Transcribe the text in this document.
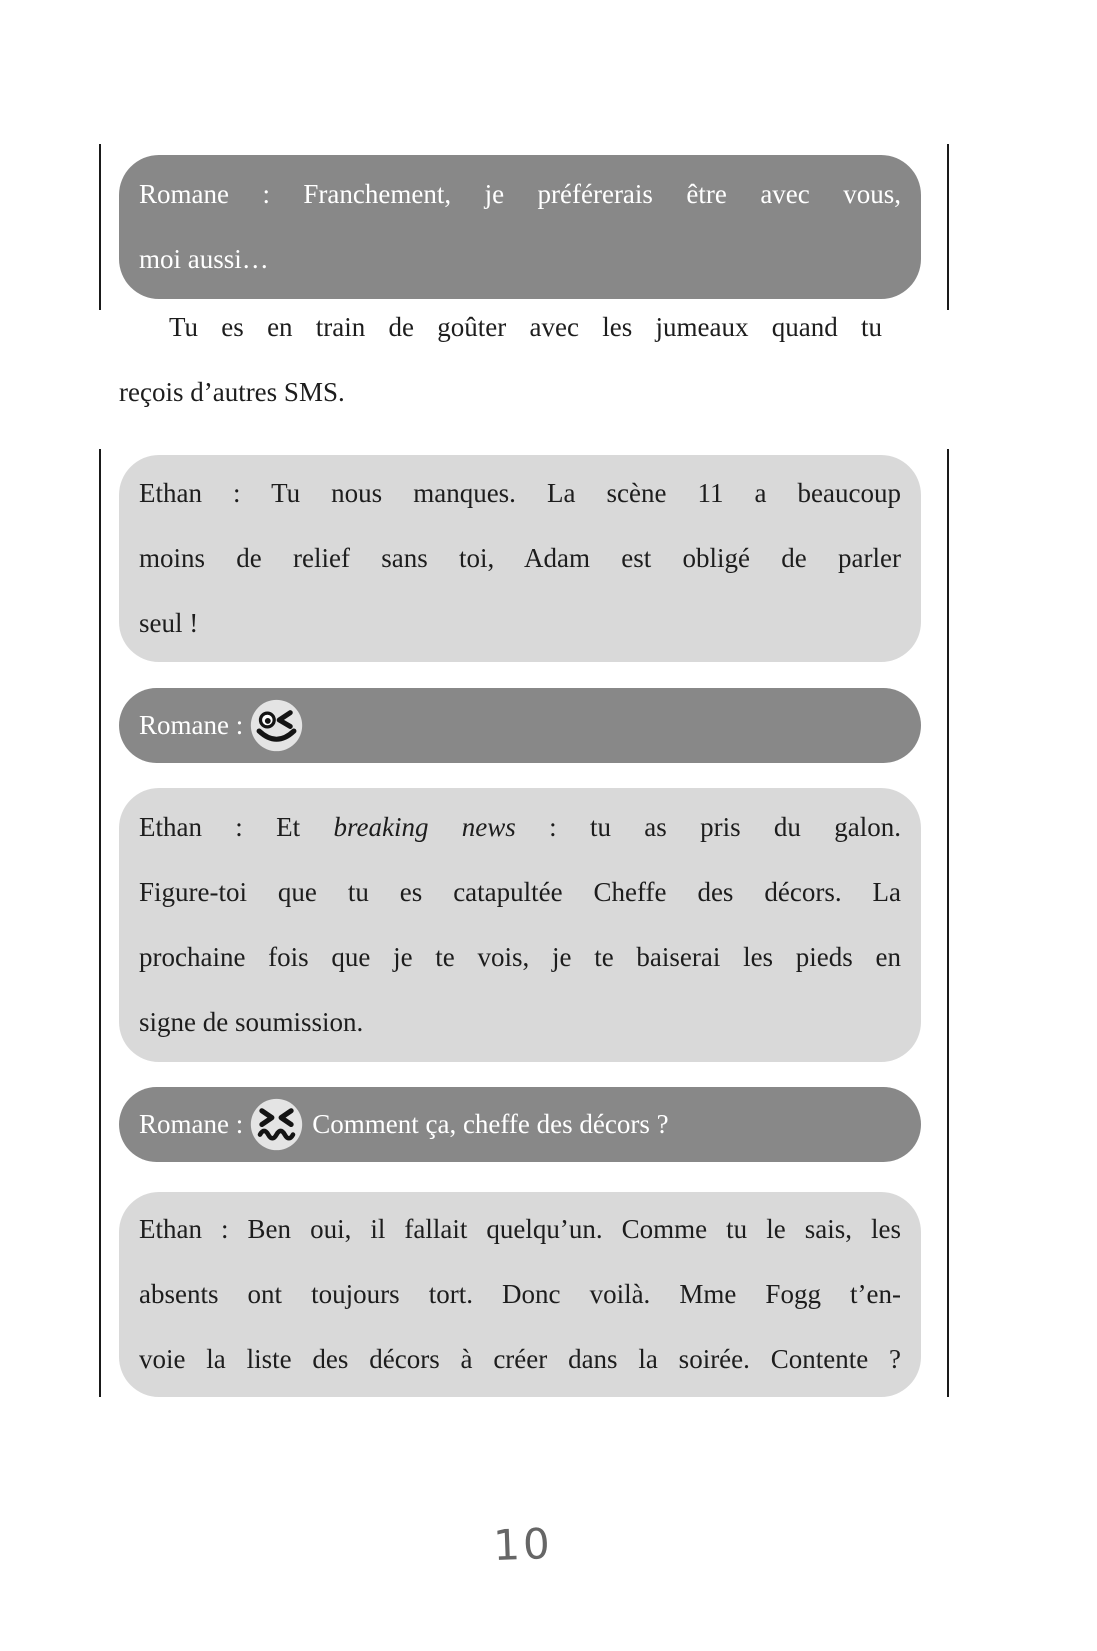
Romane : Franchement, je préférerais être avec vous,
moi aussi…
Tu es en train de goûter avec les jumeaux quand tu
reçois d’autres SMS.
Ethan : Tu nous manques. La scène 11 a beaucoup
moins de relief sans toi, Adam est obligé de parler
seul !
Romane :
Ethan : Et breaking news : tu as pris du galon.
Figure-toi que tu es catapultée Cheffe des décors. La
prochaine fois que je te vois, je te baiserai les pieds en
signe de soumission.
Romane :	Comment ça, cheffe des décors ?
Ethan : Ben oui, il fallait quelqu’un. Comme tu le sais, les
absents ont toujours tort. Donc voilà. Mme Fogg t’en-
voie la liste des décors à créer dans la soirée. Contente ?
10
